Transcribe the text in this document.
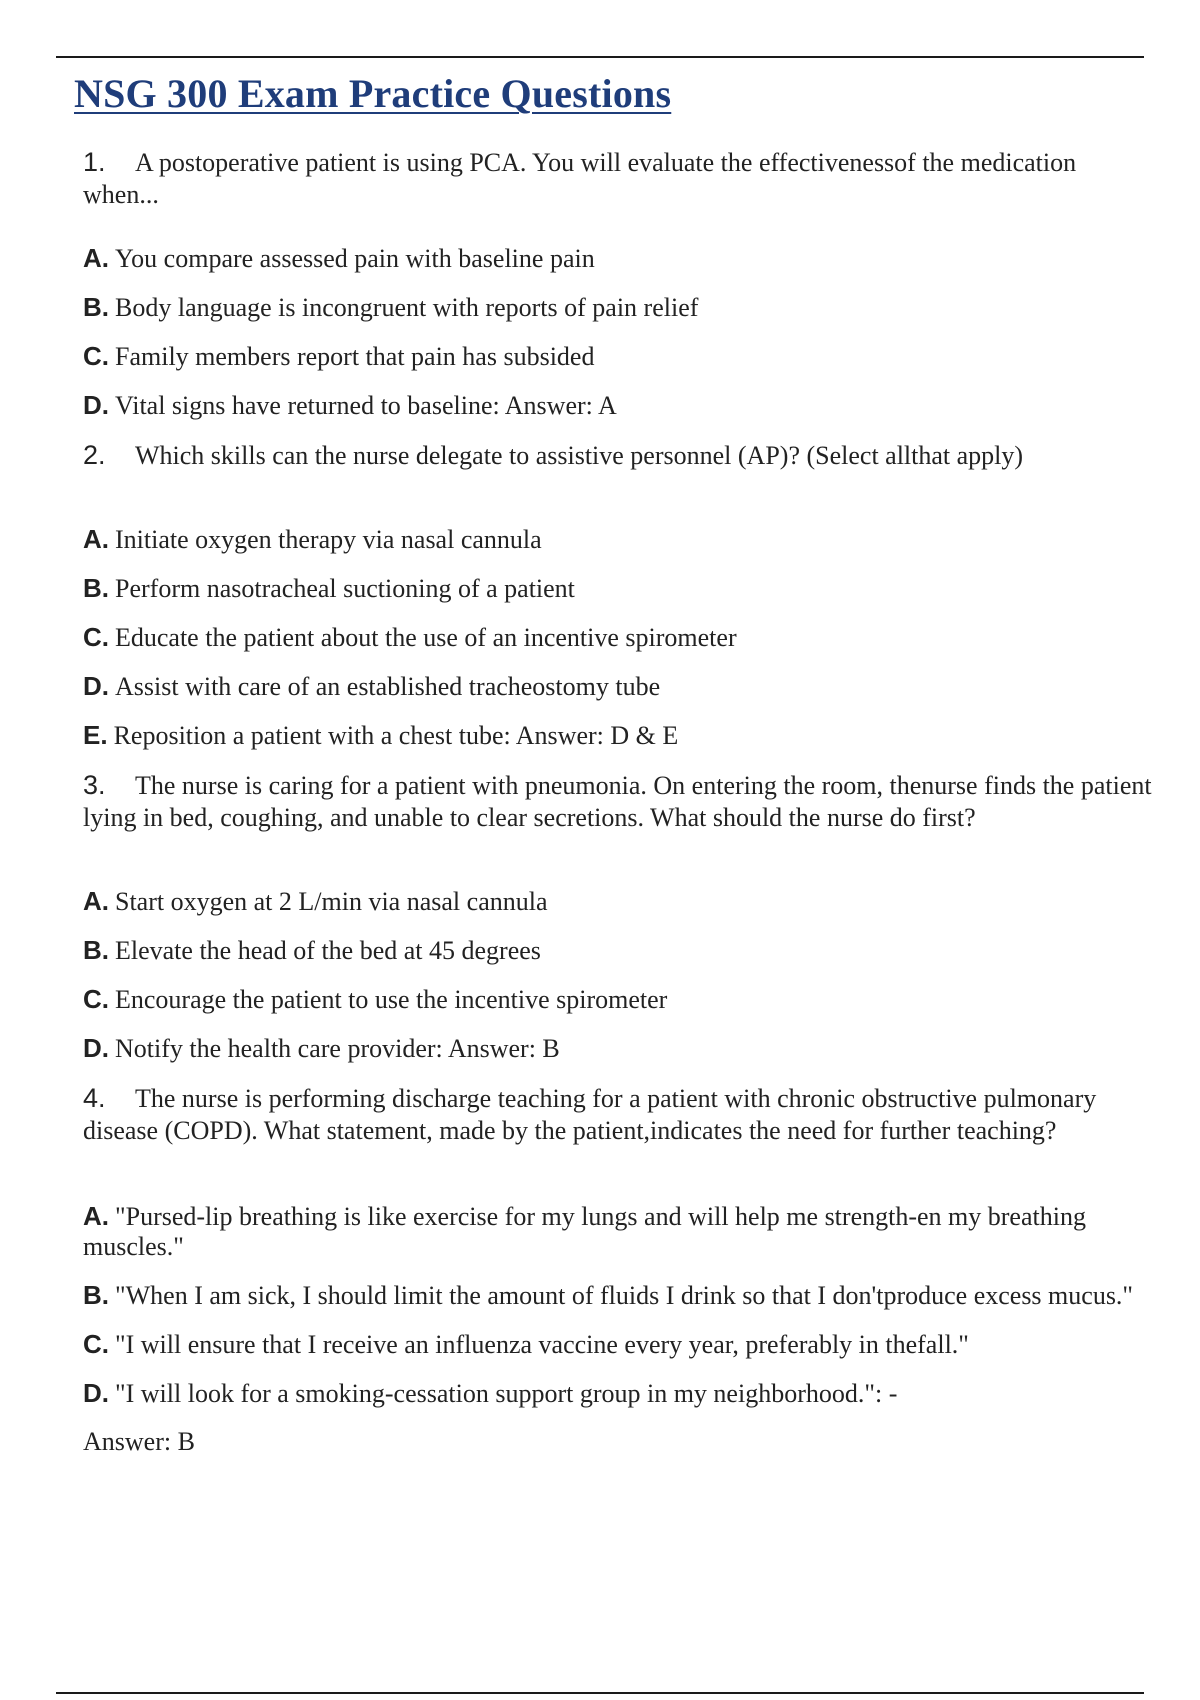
NSG 300 Exam Practice Questions

1. A postoperative patient is using PCA. You will evaluate the effectivenessof the medication when...

A. You compare assessed pain with baseline pain
B. Body language is incongruent with reports of pain relief
C. Family members report that pain has subsided
D. Vital signs have returned to baseline: Answer: A

2. Which skills can the nurse delegate to assistive personnel (AP)? (Select allthat apply)

A. Initiate oxygen therapy via nasal cannula
B. Perform nasotracheal suctioning of a patient
C. Educate the patient about the use of an incentive spirometer
D. Assist with care of an established tracheostomy tube
E. Reposition a patient with a chest tube: Answer: D & E

3. The nurse is caring for a patient with pneumonia. On entering the room, thenurse finds the patient lying in bed, coughing, and unable to clear secretions. What should the nurse do first?

A. Start oxygen at 2 L/min via nasal cannula
B. Elevate the head of the bed at 45 degrees
C. Encourage the patient to use the incentive spirometer
D. Notify the health care provider: Answer: B

4. The nurse is performing discharge teaching for a patient with chronic obstructive pulmonary disease (COPD). What statement, made by the patient,indicates the need for further teaching?

A. "Pursed-lip breathing is like exercise for my lungs and will help me strength-en my breathing muscles."
B. "When I am sick, I should limit the amount of fluids I drink so that I don'tproduce excess mucus."
C. "I will ensure that I receive an influenza vaccine every year, preferably in thefall."
D. "I will look for a smoking-cessation support group in my neighborhood.": -

Answer: B
